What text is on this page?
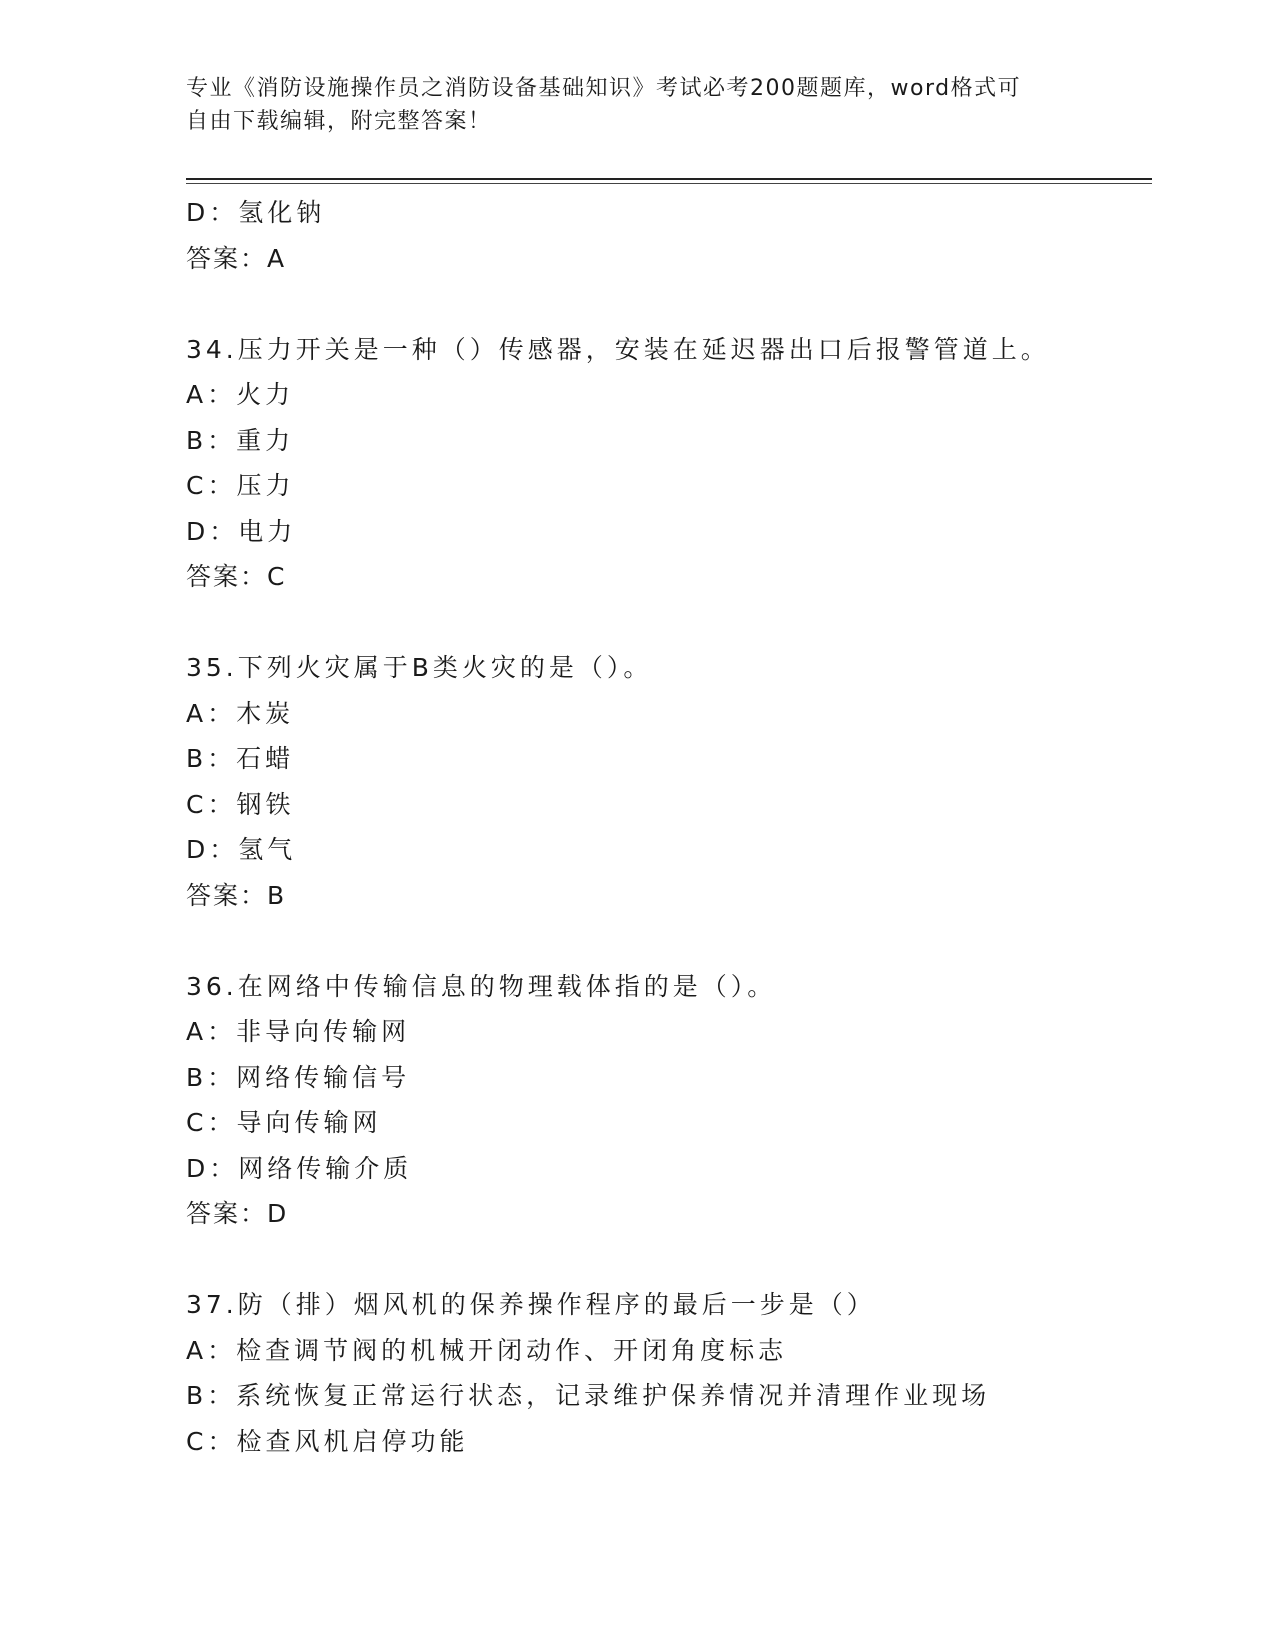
专业《消防设施操作员之消防设备基础知识》考试必考200题题库，word格式可
自由下载编辑，附完整答案！
D：氢化钠
答案：A
34.压力开关是一种（）传感器，安装在延迟器出口后报警管道上。
A：火力
B：重力
C：压力
D：电力
答案：C
35.下列火灾属于B类火灾的是（）。
A：木炭
B：石蜡
C：钢铁
D：氢气
答案：B
36.在网络中传输信息的物理载体指的是（）。
A：非导向传输网
B：网络传输信号
C：导向传输网
D：网络传输介质
答案：D
37.防（排）烟风机的保养操作程序的最后一步是（）
A：检查调节阀的机械开闭动作、开闭角度标志
B：系统恢复正常运行状态，记录维护保养情况并清理作业现场
C：检查风机启停功能
